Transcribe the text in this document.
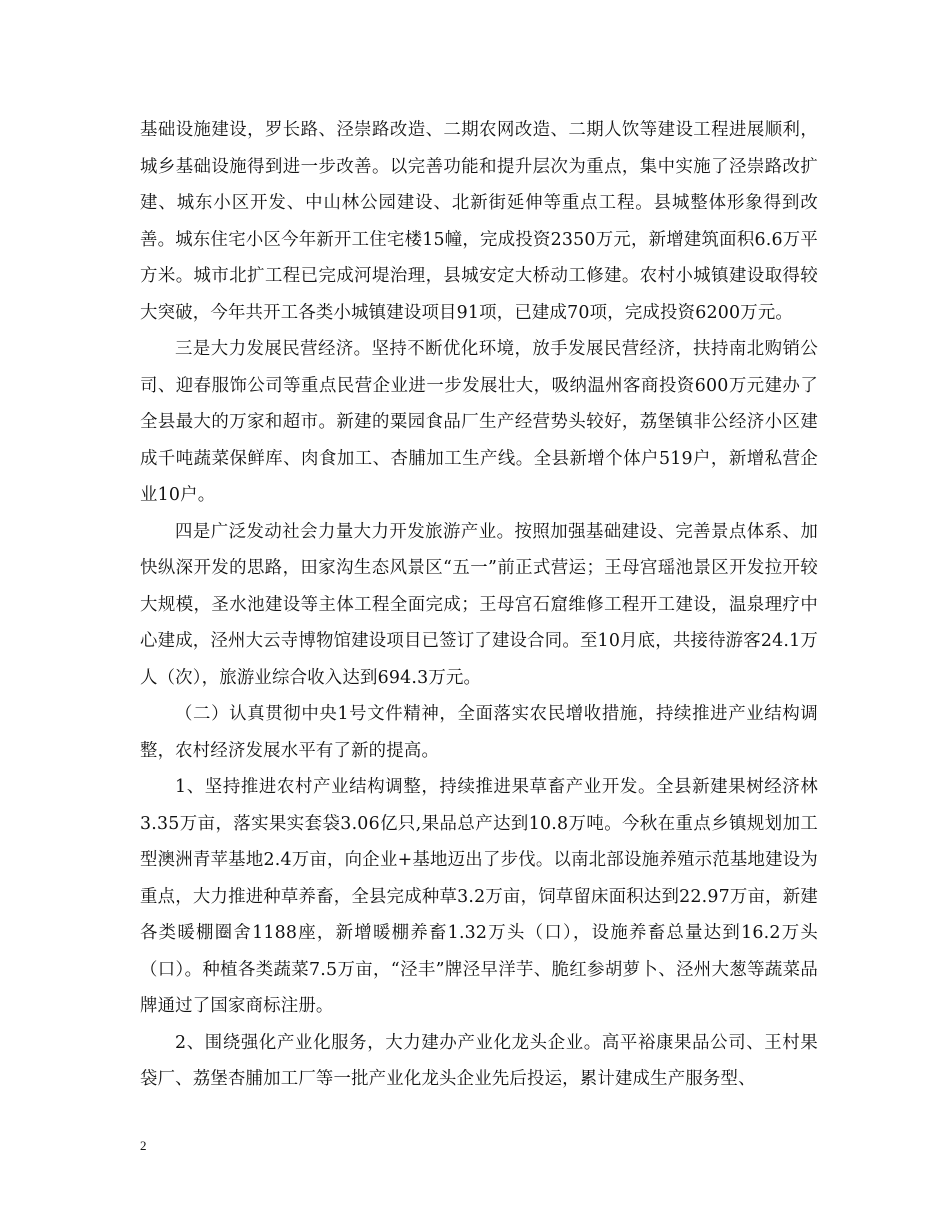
基础设施建设，罗长路、泾崇路改造、二期农网改造、二期人饮等建设工程进展顺利，城乡基础设施得到进一步改善。以完善功能和提升层次为重点，集中实施了泾崇路改扩建、城东小区开发、中山林公园建设、北新街延伸等重点工程。县城整体形象得到改善。城东住宅小区今年新开工住宅楼15幢，完成投资2350万元，新增建筑面积6.6万平方米。城市北扩工程已完成河堤治理，县城安定大桥动工修建。农村小城镇建设取得较大突破，今年共开工各类小城镇建设项目91项，已建成70项，完成投资6200万元。

三是大力发展民营经济。坚持不断优化环境，放手发展民营经济，扶持南北购销公司、迎春服饰公司等重点民营企业进一步发展壮大，吸纳温州客商投资600万元建办了全县最大的万家和超市。新建的粟园食品厂生产经营势头较好，荔堡镇非公经济小区建成千吨蔬菜保鲜库、肉食加工、杏脯加工生产线。全县新增个体户519户，新增私营企业10户。

四是广泛发动社会力量大力开发旅游产业。按照加强基础建设、完善景点体系、加快纵深开发的思路，田家沟生态风景区“五一”前正式营运；王母宫瑶池景区开发拉开较大规模，圣水池建设等主体工程全面完成；王母宫石窟维修工程开工建设，温泉理疗中心建成，泾州大云寺博物馆建设项目已签订了建设合同。至10月底，共接待游客24.1万人（次），旅游业综合收入达到694.3万元。

（二）认真贯彻中央1号文件精神，全面落实农民增收措施，持续推进产业结构调整，农村经济发展水平有了新的提高。

1、坚持推进农村产业结构调整，持续推进果草畜产业开发。全县新建果树经济林3.35万亩，落实果实套袋3.06亿只,果品总产达到10.8万吨。今秋在重点乡镇规划加工型澳洲青苹基地2.4万亩，向企业+基地迈出了步伐。以南北部设施养殖示范基地建设为重点，大力推进种草养畜，全县完成种草3.2万亩，饲草留床面积达到22.97万亩，新建各类暖棚圈舍1188座，新增暖棚养畜1.32万头（口），设施养畜总量达到16.2万头（口）。种植各类蔬菜7.5万亩，“泾丰”牌泾早洋芋、脆红参胡萝卜、泾州大葱等蔬菜品牌通过了国家商标注册。

2、围绕强化产业化服务，大力建办产业化龙头企业。高平裕康果品公司、王村果袋厂、荔堡杏脯加工厂等一批产业化龙头企业先后投运，累计建成生产服务型、

2
